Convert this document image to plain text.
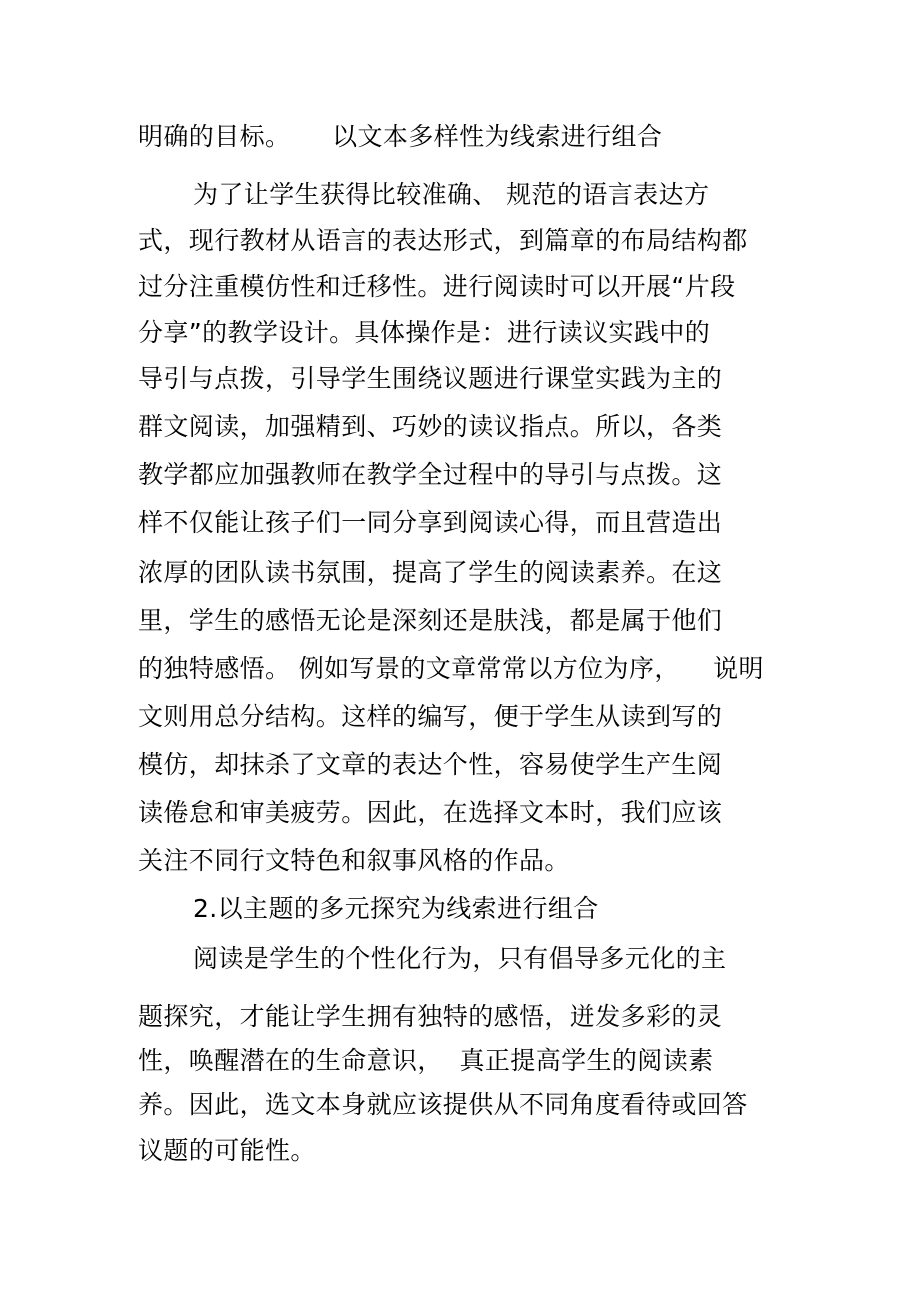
明确的目标。     以文本多样性为线索进行组合
为了让学生获得比较准确、 规范的语言表达方
式，现行教材从语言的表达形式，到篇章的布局结构都
过分注重模仿性和迁移性。进行阅读时可以开展“片段
分享”的教学设计。具体操作是：进行读议实践中的
导引与点拨，引导学生围绕议题进行课堂实践为主的
群文阅读，加强精到、巧妙的读议指点。所以，各类
教学都应加强教师在教学全过程中的导引与点拨。这
样不仅能让孩子们一同分享到阅读心得，而且营造出
浓厚的团队读书氛围，提高了学生的阅读素养。在这
里，学生的感悟无论是深刻还是肤浅，都是属于他们
的独特感悟。 例如写景的文章常常以方位为序，    说明
文则用总分结构。这样的编写，便于学生从读到写的
模仿，却抹杀了文章的表达个性，容易使学生产生阅
读倦怠和审美疲劳。因此，在选择文本时，我们应该
关注不同行文特色和叙事风格的作品。
2.以主题的多元探究为线索进行组合
阅读是学生的个性化行为，只有倡导多元化的主
题探究，才能让学生拥有独特的感悟，迸发多彩的灵
性，唤醒潜在的生命意识，  真正提高学生的阅读素
养。因此，选文本身就应该提供从不同角度看待或回答
议题的可能性。
